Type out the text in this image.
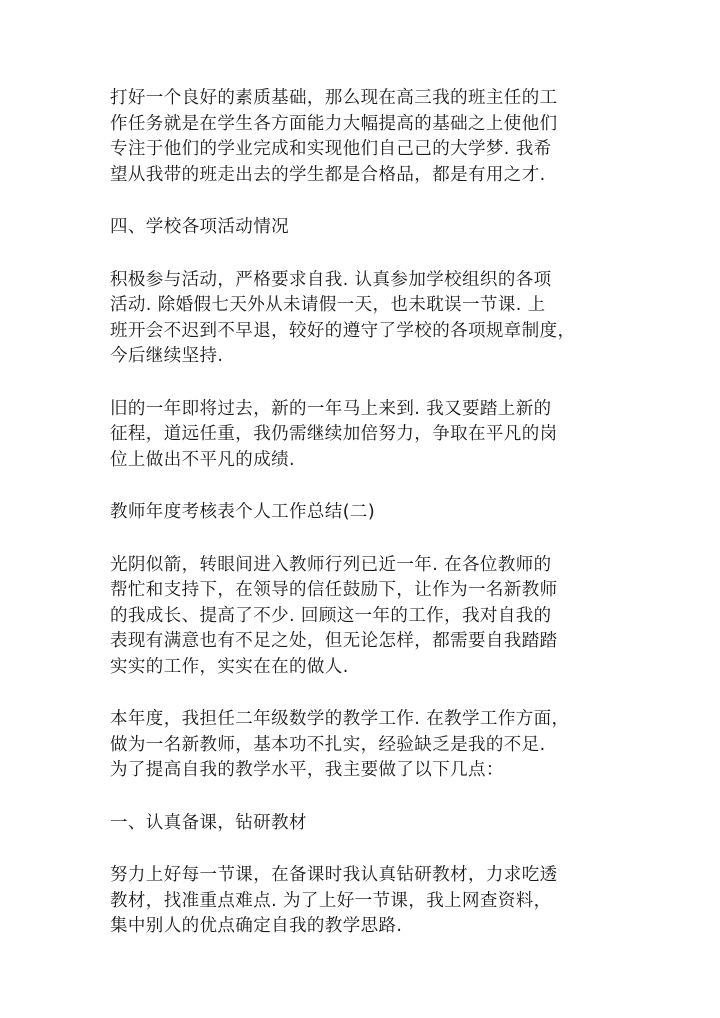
打好一个良好的素质基础，那么现在高三我的班主任的工
作任务就是在学生各方面能力大幅提高的基础之上使他们
专注于他们的学业完成和实现他们自己己的大学梦. 我希
望从我带的班走出去的学生都是合格品，都是有用之才.

四、学校各项活动情况

积极参与活动，严格要求自我. 认真参加学校组织的各项
活动. 除婚假七天外从未请假一天，也未耽误一节课. 上
班开会不迟到不早退，较好的遵守了学校的各项规章制度，
今后继续坚持.

旧的一年即将过去，新的一年马上来到. 我又要踏上新的
征程，道远任重，我仍需继续加倍努力，争取在平凡的岗
位上做出不平凡的成绩.

教师年度考核表个人工作总结(二)

光阴似箭，转眼间进入教师行列已近一年. 在各位教师的
帮忙和支持下，在领导的信任鼓励下，让作为一名新教师
的我成长、提高了不少. 回顾这一年的工作，我对自我的
表现有满意也有不足之处，但无论怎样，都需要自我踏踏
实实的工作，实实在在的做人.

本年度，我担任二年级数学的教学工作. 在教学工作方面，
做为一名新教师，基本功不扎实，经验缺乏是我的不足.
为了提高自我的教学水平，我主要做了以下几点：

一、认真备课，钻研教材

努力上好每一节课，在备课时我认真钻研教材，力求吃透
教材，找准重点难点. 为了上好一节课，我上网查资料，
集中别人的优点确定自我的教学思路.
